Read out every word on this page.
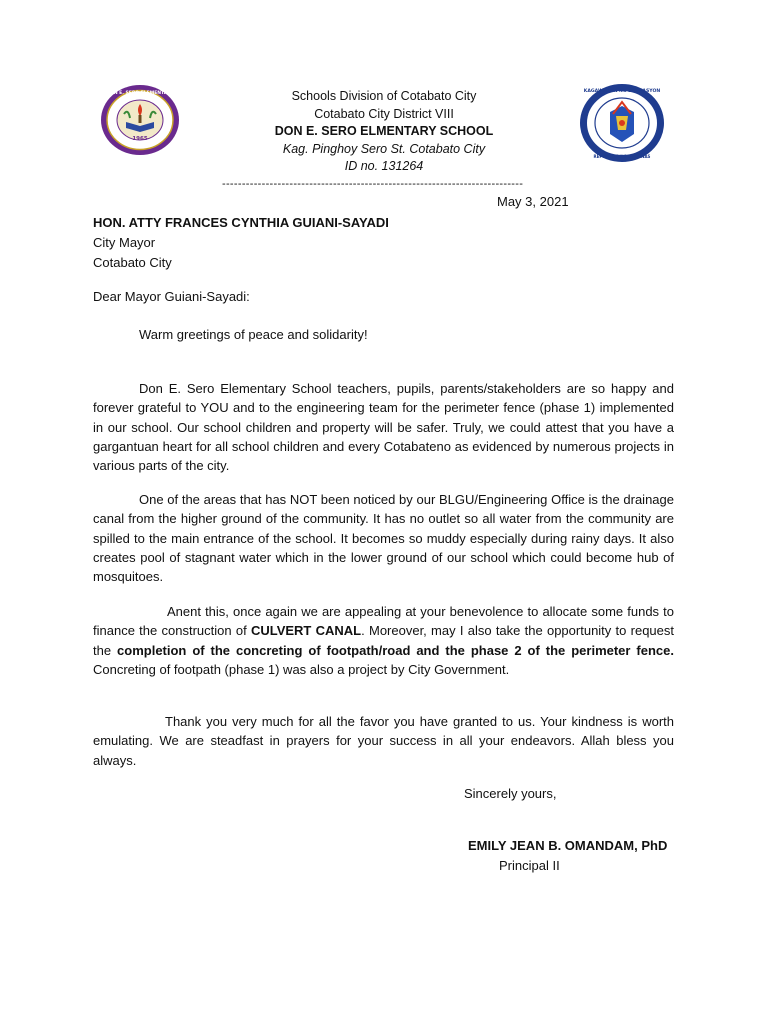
1965
DON E. SERO ELEMENTARY	KAGAWARAN NG EDUKASYON
REPUBLIKA NG PILIPINAS
Schools Division of Cotabato City
Cotabato City District VIII
DON E. SERO ELMENTARY SCHOOL
Kag. Pinghoy Sero St. Cotabato City
ID no. 131264
----------------------------------------------------------------------------
May 3, 2021
HON. ATTY FRANCES CYNTHIA GUIANI-SAYADI
City Mayor
Cotabato City
Dear Mayor Guiani-Sayadi:
Warm greetings of peace and solidarity!
Don E. Sero Elementary School teachers, pupils, parents/stakeholders are so happy and forever grateful to YOU and to the engineering team for the perimeter fence (phase 1) implemented in our school. Our school children and property will be safer. Truly, we could attest that you have a gargantuan heart for all school children and every Cotabateno as evidenced by numerous projects in various parts of the city.
One of the areas that has NOT been noticed by our BLGU/Engineering Office is the drainage canal from the higher ground of the community. It has no outlet so all water from the community are spilled to the main entrance of the school. It becomes so muddy especially during rainy days. It also creates pool of stagnant water which in the lower ground of our school which could become hub of mosquitoes.
Anent this, once again we are appealing at your benevolence to allocate some funds to finance the construction of CULVERT CANAL. Moreover, may I also take the opportunity to request the completion of the concreting of footpath/road and the phase 2 of the perimeter fence. Concreting of footpath (phase 1) was also a project by City Government.
Thank you very much for all the favor you have granted to us. Your kindness is worth emulating. We are steadfast in prayers for your success in all your endeavors. Allah bless you always.
Sincerely yours,
EMILY JEAN B. OMANDAM, PhD
Principal II
